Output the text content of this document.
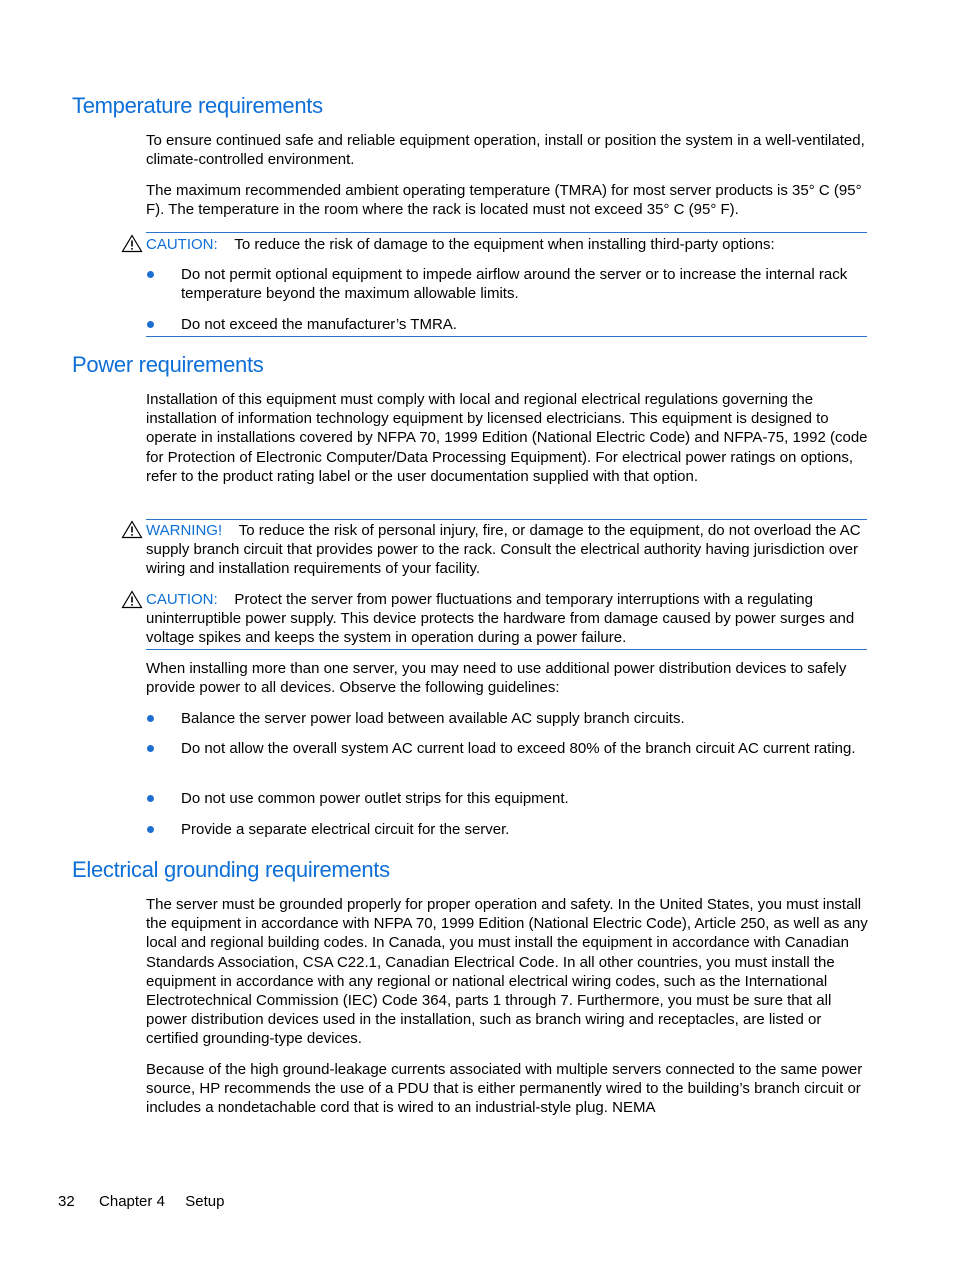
Temperature requirements

To ensure continued safe and reliable equipment operation, install or position the system in a well-ventilated, climate-controlled environment.

The maximum recommended ambient operating temperature (TMRA) for most server products is 35° C (95° F). The temperature in the room where the rack is located must not exceed 35° C (95° F).

CAUTION: To reduce the risk of damage to the equipment when installing third-party options:

Do not permit optional equipment to impede airflow around the server or to increase the internal rack temperature beyond the maximum allowable limits.

Do not exceed the manufacturer’s TMRA.

Power requirements

Installation of this equipment must comply with local and regional electrical regulations governing the installation of information technology equipment by licensed electricians. This equipment is designed to operate in installations covered by NFPA 70, 1999 Edition (National Electric Code) and NFPA-75, 1992 (code for Protection of Electronic Computer/Data Processing Equipment). For electrical power ratings on options, refer to the product rating label or the user documentation supplied with that option.

WARNING! To reduce the risk of personal injury, fire, or damage to the equipment, do not overload the AC supply branch circuit that provides power to the rack. Consult the electrical authority having jurisdiction over wiring and installation requirements of your facility.

CAUTION: Protect the server from power fluctuations and temporary interruptions with a regulating uninterruptible power supply. This device protects the hardware from damage caused by power surges and voltage spikes and keeps the system in operation during a power failure.

When installing more than one server, you may need to use additional power distribution devices to safely provide power to all devices. Observe the following guidelines:

Balance the server power load between available AC supply branch circuits.

Do not allow the overall system AC current load to exceed 80% of the branch circuit AC current rating.

Do not use common power outlet strips for this equipment.

Provide a separate electrical circuit for the server.

Electrical grounding requirements

The server must be grounded properly for proper operation and safety. In the United States, you must install the equipment in accordance with NFPA 70, 1999 Edition (National Electric Code), Article 250, as well as any local and regional building codes. In Canada, you must install the equipment in accordance with Canadian Standards Association, CSA C22.1, Canadian Electrical Code. In all other countries, you must install the equipment in accordance with any regional or national electrical wiring codes, such as the International Electrotechnical Commission (IEC) Code 364, parts 1 through 7. Furthermore, you must be sure that all power distribution devices used in the installation, such as branch wiring and receptacles, are listed or certified grounding-type devices.

Because of the high ground-leakage currents associated with multiple servers connected to the same power source, HP recommends the use of a PDU that is either permanently wired to the building’s branch circuit or includes a nondetachable cord that is wired to an industrial-style plug. NEMA

32 Chapter 4 Setup
